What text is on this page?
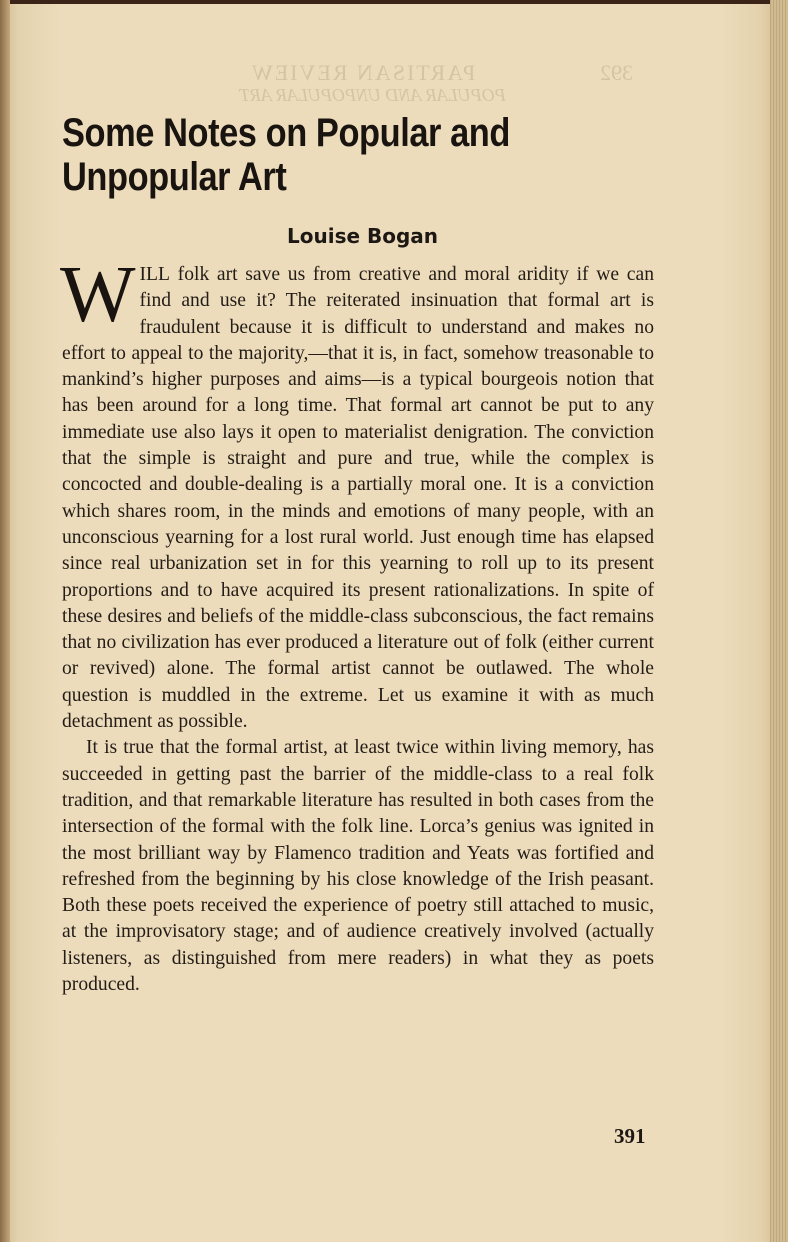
PARTISAN REVIEW	392
POPULAR AND UNPOPULAR ART
Some Notes on Popular and
Unpopular Art
Louise Bogan

WILL folk art save us from creative and moral aridity if we can find and use it? The reiterated insinuation that formal art is fraudulent because it is difficult to understand and makes no effort to appeal to the majority,—that it is, in fact, somehow treasonable to mankind’s higher purposes and aims—is a typical bourgeois notion that has been around for a long time. That formal art cannot be put to any immediate use also lays it open to materialist denigration. The conviction that the simple is straight and pure and true, while the complex is concocted and double-dealing is a partially moral one. It is a conviction which shares room, in the minds and emotions of many people, with an unconscious yearning for a lost rural world. Just enough time has elapsed since real urbanization set in for this yearning to roll up to its present proportions and to have acquired its present rationalizations. In spite of these desires and beliefs of the middle-class subconscious, the fact remains that no civilization has ever produced a literature out of folk (either current or revived) alone. The formal artist cannot be outlawed. The whole question is muddled in the extreme. Let us examine it with as much detachment as possible.

It is true that the formal artist, at least twice within living memory, has succeeded in getting past the barrier of the middle-class to a real folk tradition, and that remarkable literature has resulted in both cases from the intersection of the formal with the folk line. Lorca’s genius was ignited in the most brilliant way by Flamenco tradition and Yeats was fortified and refreshed from the beginning by his close knowledge of the Irish peasant. Both these poets received the experience of poetry still attached to music, at the improvisatory stage; and of audience creatively involved (actually listeners, as distinguished from mere readers) in what they as poets produced.

391
